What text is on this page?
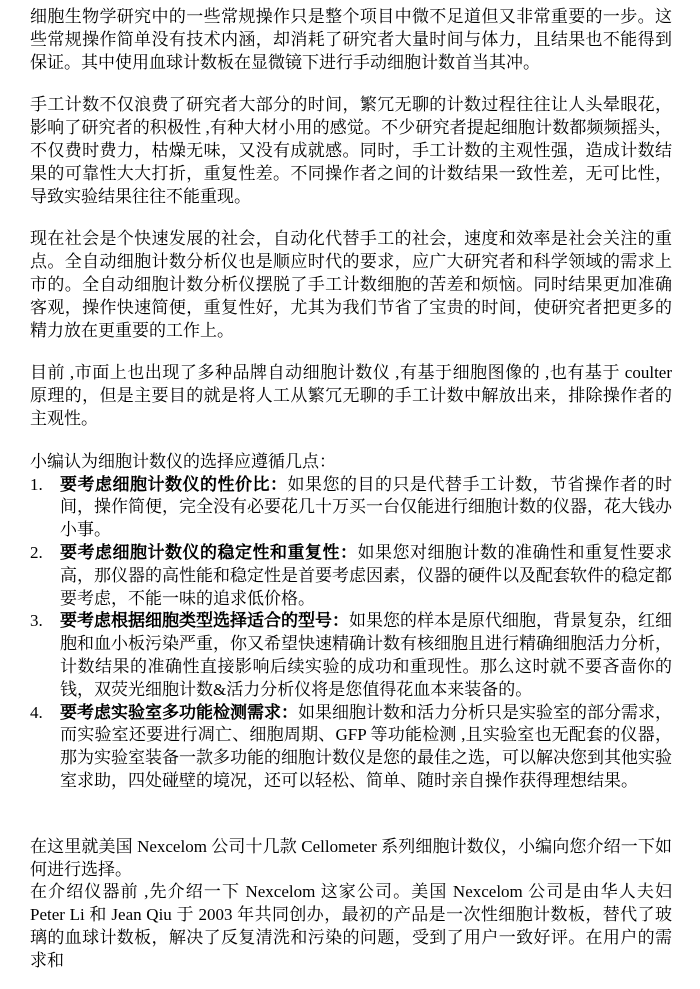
细胞生物学研究中的一些常规操作只是整个项目中微不足道但又非常重要的一步。这些常规操作简单没有技术内涵，却消耗了研究者大量时间与体力，且结果也不能得到保证。其中使用血球计数板在显微镜下进行手动细胞计数首当其冲。

手工计数不仅浪费了研究者大部分的时间，繁冗无聊的计数过程往往让人头晕眼花，影响了研究者的积极性 ,有种大材小用的感觉。不少研究者提起细胞计数都频频摇头，不仅费时费力，枯燥无味，又没有成就感。同时，手工计数的主观性强，造成计数结果的可靠性大大打折，重复性差。不同操作者之间的计数结果一致性差，无可比性，导致实验结果往往不能重现。

现在社会是个快速发展的社会，自动化代替手工的社会，速度和效率是社会关注的重点。全自动细胞计数分析仪也是顺应时代的要求，应广大研究者和科学领域的需求上市的。全自动细胞计数分析仪摆脱了手工计数细胞的苦差和烦恼。同时结果更加准确客观，操作快速简便，重复性好，尤其为我们节省了宝贵的时间，使研究者把更多的精力放在更重要的工作上。

目前 ,市面上也出现了多种品牌自动细胞计数仪 ,有基于细胞图像的 ,也有基于 coulter 原理的，但是主要目的就是将人工从繁冗无聊的手工计数中解放出来，排除操作者的主观性。

小编认为细胞计数仪的选择应遵循几点：

1.	要考虑细胞计数仪的性价比：如果您的目的只是代替手工计数，节省操作者的时间，操作简便，完全没有必要花几十万买一台仅能进行细胞计数的仪器，花大钱办小事。
2.	要考虑细胞计数仪的稳定性和重复性：如果您对细胞计数的准确性和重复性要求高，那仪器的高性能和稳定性是首要考虑因素，仪器的硬件以及配套软件的稳定都要考虑，不能一味的追求低价格。
3.	要考虑根据细胞类型选择适合的型号：如果您的样本是原代细胞，背景复杂，红细胞和血小板污染严重，你又希望快速精确计数有核细胞且进行精确细胞活力分析，计数结果的准确性直接影响后续实验的成功和重现性。那么这时就不要吝啬你的钱，双荧光细胞计数&活力分析仪将是您值得花血本来装备的。
4.	要考虑实验室多功能检测需求：如果细胞计数和活力分析只是实验室的部分需求，而实验室还要进行凋亡、细胞周期、GFP 等功能检测 ,且实验室也无配套的仪器，那为实验室装备一款多功能的细胞计数仪是您的最佳之选，可以解决您到其他实验室求助，四处碰壁的境况，还可以轻松、简单、随时亲自操作获得理想结果。

在这里就美国 Nexcelom 公司十几款 Cellometer 系列细胞计数仪，小编向您介绍一下如何进行选择。

在介绍仪器前 ,先介绍一下 Nexcelom 这家公司。美国 Nexcelom 公司是由华人夫妇 Peter Li 和 Jean Qiu 于 2003 年共同创办，最初的产品是一次性细胞计数板，替代了玻璃的血球计数板，解决了反复清洗和污染的问题，受到了用户一致好评。在用户的需求和
